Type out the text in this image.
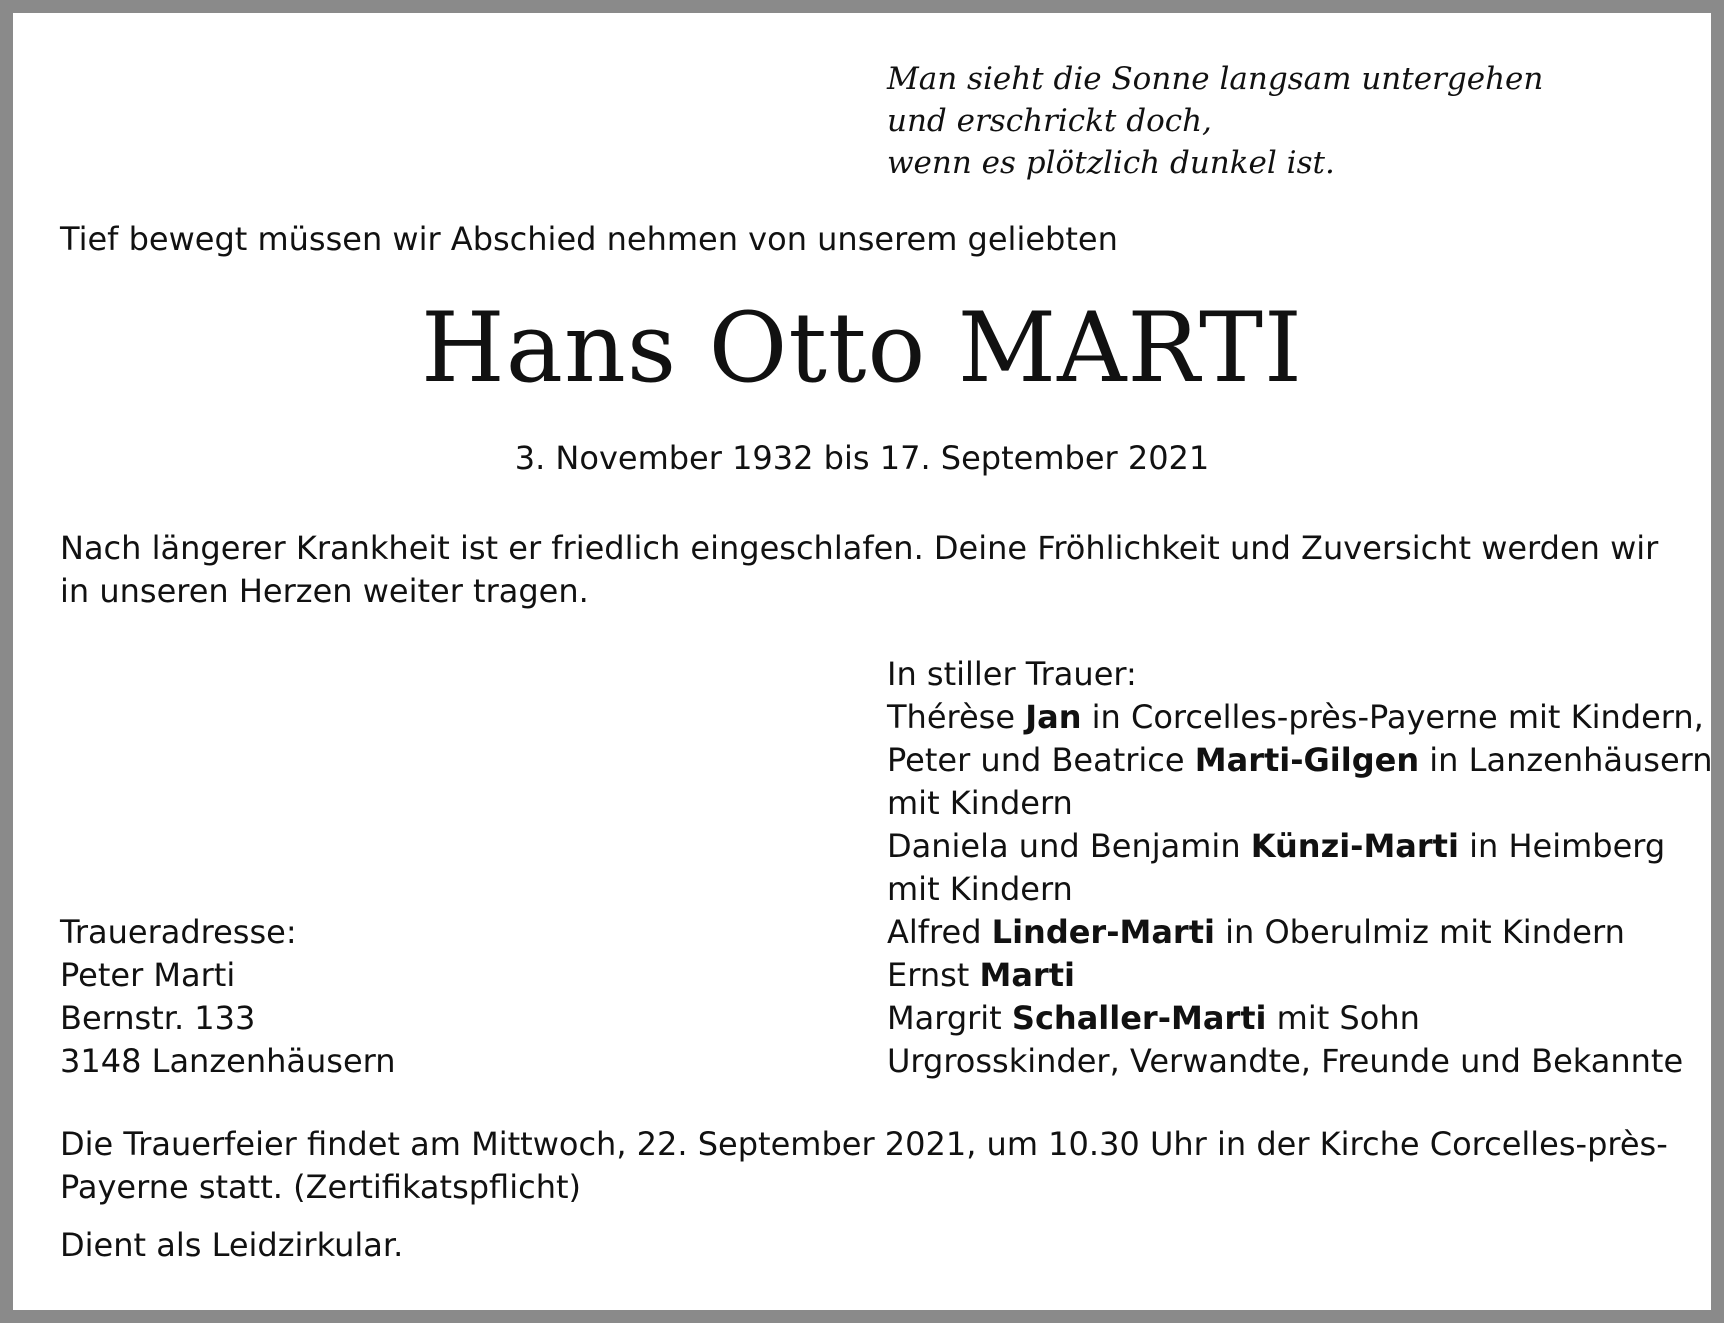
Man sieht die Sonne langsam untergehen
und erschrickt doch,
wenn es plötzlich dunkel ist.
Tief bewegt müssen wir Abschied nehmen von unserem geliebten
Hans Otto MARTI
3. November 1932 bis 17. September 2021
Nach längerer Krankheit ist er friedlich eingeschlafen. Deine Fröhlichkeit und Zuversicht werden wir in unseren Herzen weiter tragen.
In stiller Trauer:
Thérèse Jan in Corcelles-près-Payerne mit Kindern,
Peter und Beatrice Marti-Gilgen in Lanzenhäusern
mit Kindern
Daniela und Benjamin Künzi-Marti in Heimberg
mit Kindern
Alfred Linder-Marti in Oberulmiz mit Kindern
Ernst Marti
Margrit Schaller-Marti mit Sohn
Urgrosskinder, Verwandte, Freunde und Bekannte
Traueradresse:
Peter Marti
Bernstr. 133
3148 Lanzenhäusern
Die Trauerfeier findet am Mittwoch, 22. September 2021, um 10.30 Uhr in der Kirche Corcelles-près-Payerne statt. (Zertifikatspflicht)
Dient als Leidzirkular.
